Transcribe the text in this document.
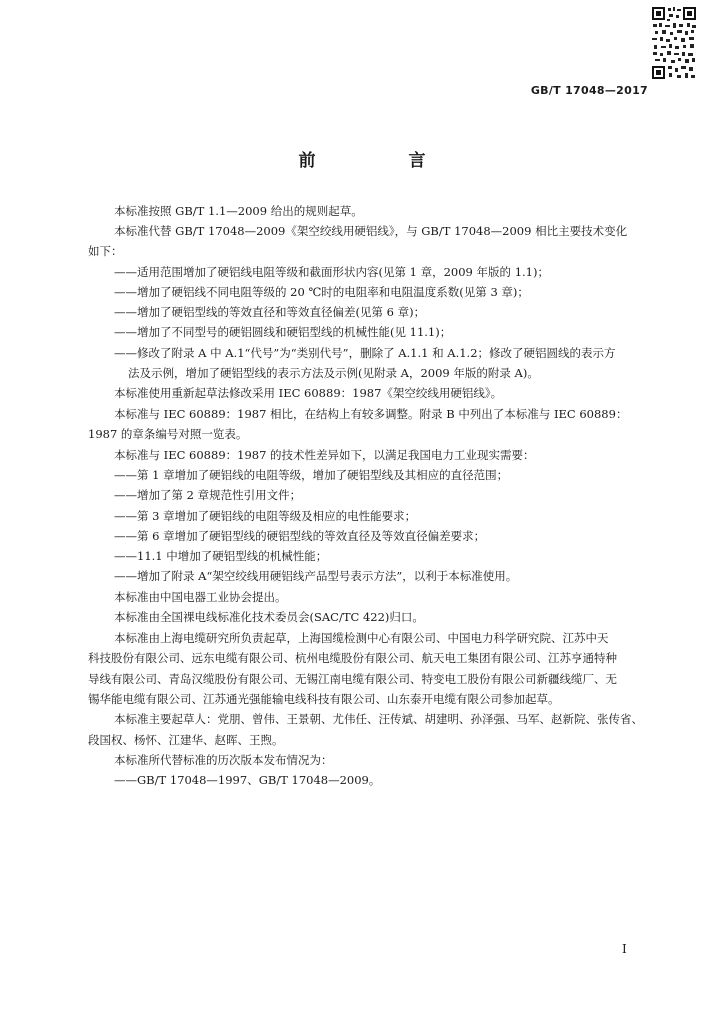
GB/T 17048—2017
前　言
本标准按照 GB/T 1.1—2009 给出的规则起草。
本标准代替 GB/T 17048—2009《架空绞线用硬铝线》，与 GB/T 17048—2009 相比主要技术变化
如下：
——适用范围增加了硬铝线电阻等级和截面形状内容(见第 1 章，2009 年版的 1.1)；
——增加了硬铝线不同电阻等级的 20 ℃时的电阻率和电阻温度系数(见第 3 章)；
——增加了硬铝型线的等效直径和等效直径偏差(见第 6 章)；
——增加了不同型号的硬铝圆线和硬铝型线的机械性能(见 11.1)；
——修改了附录 A 中 A.1“代号”为“类别代号”，删除了 A.1.1 和 A.1.2；修改了硬铝圆线的表示方
法及示例，增加了硬铝型线的表示方法及示例(见附录 A，2009 年版的附录 A)。
本标准使用重新起草法修改采用 IEC 60889：1987《架空绞线用硬铝线》。
本标准与 IEC 60889：1987 相比，在结构上有较多调整。附录 B 中列出了本标准与 IEC 60889：
1987 的章条编号对照一览表。
本标准与 IEC 60889：1987 的技术性差异如下，以满足我国电力工业现实需要：
——第 1 章增加了硬铝线的电阻等级，增加了硬铝型线及其相应的直径范围；
——增加了第 2 章规范性引用文件；
——第 3 章增加了硬铝线的电阻等级及相应的电性能要求；
——第 6 章增加了硬铝型线的硬铝型线的等效直径及等效直径偏差要求；
——11.1 中增加了硬铝型线的机械性能；
——增加了附录 A“架空绞线用硬铝线产品型号表示方法”，以利于本标准使用。
本标准由中国电器工业协会提出。
本标准由全国裸电线标准化技术委员会(SAC/TC 422)归口。
本标准由上海电缆研究所负责起草，上海国缆检测中心有限公司、中国电力科学研究院、江苏中天
科技股份有限公司、远东电缆有限公司、杭州电缆股份有限公司、航天电工集团有限公司、江苏亨通特种
导线有限公司、青岛汉缆股份有限公司、无锡江南电缆有限公司、特变电工股份有限公司新疆线缆厂、无
锡华能电缆有限公司、江苏通光强能输电线科技有限公司、山东泰开电缆有限公司参加起草。
本标准主要起草人：党朋、曾伟、王景朝、尤伟任、汪传斌、胡建明、孙泽强、马军、赵新院、张传省、
段国权、杨怀、江建华、赵晖、王煦。
本标准所代替标准的历次版本发布情况为：
——GB/T 17048—1997、GB/T 17048—2009。
I
